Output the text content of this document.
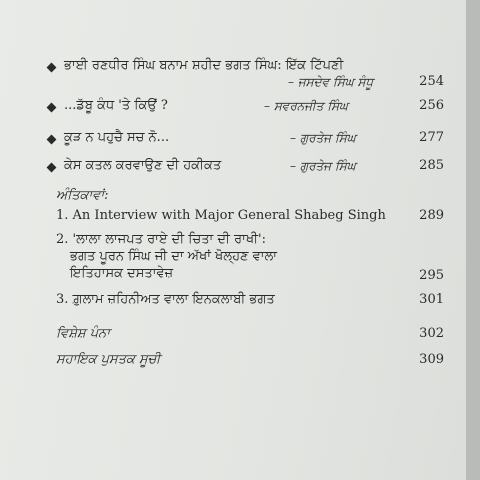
ਭਾਈ ਰਣਧੀਰ ਸਿੰਘ ਬਨਾਮ ਸ਼ਹੀਦ ਭਗਤ ਸਿੰਘ: ਇੱਕ ਟਿੱਪਣੀ
– ਜਸਦੇਵ ਸਿੰਘ ਸੰਧੂ	254
...ਡੱਬੂ ਕੰਧ 'ਤੇ ਕਿਉਂ ?	– ਸਵਰਨਜੀਤ ਸਿੰਘ	256
ਕੂੜ ਨ ਪਹੁਚੈ ਸਚ ਨੋ...	– ਗੁਰਤੇਜ ਸਿੰਘ	277
ਕੇਸ ਕਤਲ ਕਰਵਾਉਣ ਦੀ ਹਕੀਕਤ	– ਗੁਰਤੇਜ ਸਿੰਘ	285
ਅੰਤਿਕਾਵਾਂ:
1. An Interview with Major General Shabeg Singh	289
2. 'ਲਾਲਾ ਲਾਜਪਤ ਰਾਏ ਦੀ ਚਿਤਾ ਦੀ ਰਾਖੀ':
ਭਗਤ ਪੂਰਨ ਸਿੰਘ ਜੀ ਦਾ ਅੱਖਾਂ ਖੋਲ੍ਹਣ ਵਾਲਾ
ਇਤਿਹਾਸਕ ਦਸਤਾਵੇਜ਼	295
3. ਗ਼ੁਲਾਮ ਜ਼ਹਿਨੀਅਤ ਵਾਲਾ ਇਨਕਲਾਬੀ ਭਗਤ	301
ਵਿਸ਼ੇਸ਼ ਪੰਨਾ	302
ਸਹਾਇਕ ਪੁਸਤਕ ਸੂਚੀ	309
